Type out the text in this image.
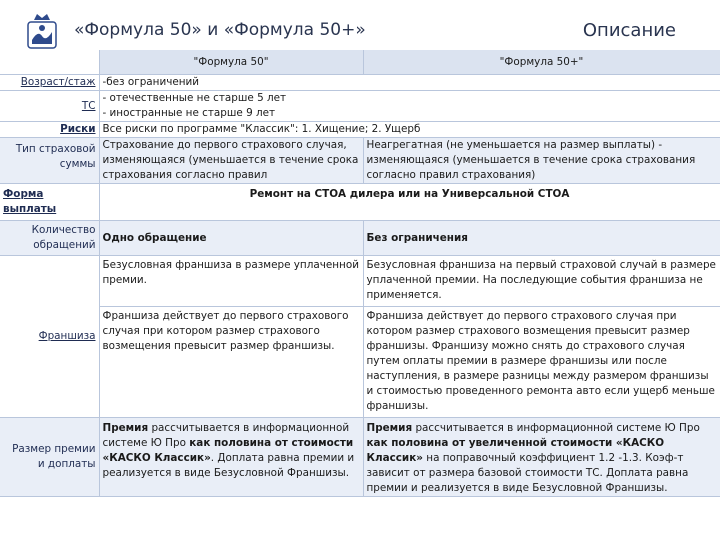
«Формула 50» и «Формула 50+»	Описание
	"Формула 50"	"Формула 50+"
Возраст/стаж	-без ограничений	
ТС	- отечественные не старше 5 лет
- иностранные не старше 9 лет	

Риски	Все риски по программе "Классик": 1. Хищение; 2. Ущерб	

Тип страховой
суммы	Страхование до первого страхового случая, изменяющаяся (уменьшается в течение срока страхования согласно правил	Неагрегатная (не уменьшается на размер выплаты) - изменяющаяся (уменьшается в течение срока страхования согласно правил страхования)
Форма выплаты	Ремонт на СТОА дилера или на Универсальной СТОА	

Количество
обращений	Одно обращение	Без ограничения
Франшиза	Безусловная франшиза в размере уплаченной премии.	Безусловная франшиза на первый страховой случай в размере уплаченной премии. На последующие события франшиза не применяется.
	Франшиза действует до первого страхового случая при котором размер страхового возмещения превысит размер франшизы.	Франшиза действует до первого страхового случая при котором размер страхового возмещения превысит размер франшизы. Франшизу можно снять до страхового случая путем оплаты премии в размере франшизы или после наступления, в размере разницы между размером франшизы и стоимостью проведенного ремонта авто если ущерб меньше франшизы.

Размер премии
и доплаты	Премия рассчитывается в информационной системе Ю Про как половина от стоимости «КАСКО Классик». Доплата равна премии и реализуется в виде Безусловной Франшизы.	Премия рассчитывается в информационной системе Ю Про как половина от увеличенной стоимости «КАСКО Классик» на поправочный коэффициент 1.2 -1.3. Коэф-т зависит от размера базовой стоимости ТС. Доплата равна премии и реализуется в виде Безусловной Франшизы.
